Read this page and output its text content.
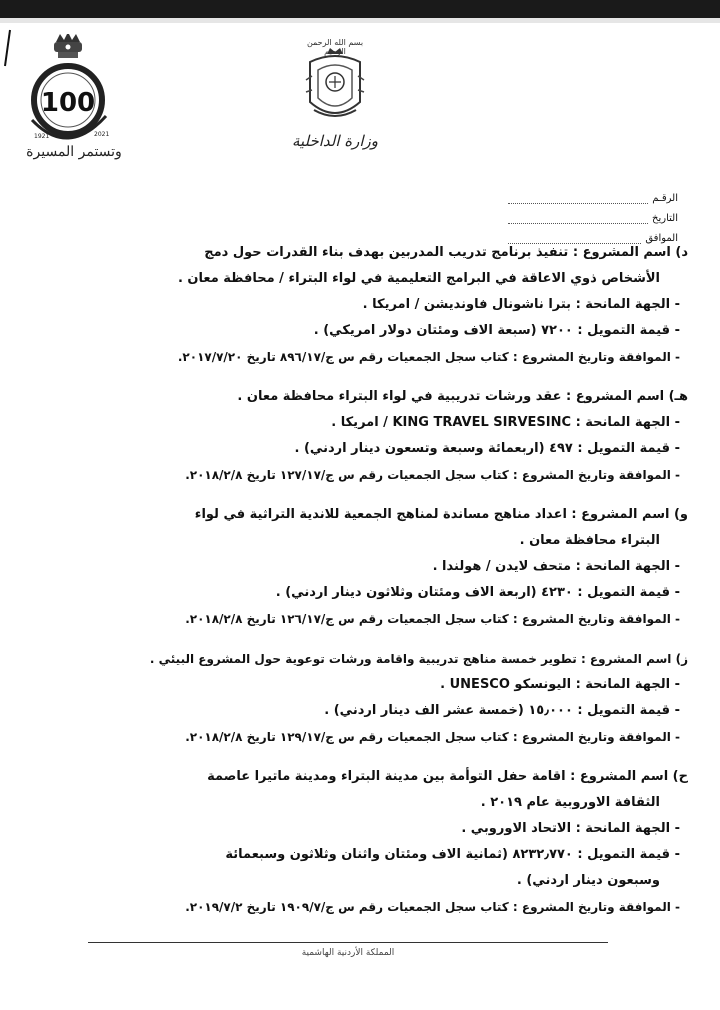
100
1921	2021
وتستمر المسيرة
بسم الله الرحمن الرحيم
وزارة الداخلية
الرقـم
التاريخ
الموافق
د) اسم المشروع : تنفيذ برنامج تدريب المدربين بهدف بناء القدرات حول دمج
الأشخاص ذوي الاعاقة في البرامج التعليمية في لواء البتراء / محافظة معان .
- الجهة المانحة : بترا ناشونال فاونديشن / امريكا .
- قيمة التمويل : ٧٢٠٠ (سبعة الاف ومئتان دولار امريكي) .
- الموافقة وتاريخ المشروع : كتاب سجل الجمعيات رقم س ج/٨٩٦/١٧ تاريخ ٢٠١٧/٧/٢٠.
هـ) اسم المشروع : عقد ورشات تدريبية في لواء البتراء محافظة معان .
- الجهة المانحة : KING TRAVEL SIRVESINC / امريكا .
- قيمة التمويل : ٤٩٧ (اربعمائة وسبعة وتسعون دينار اردني) .
- الموافقة وتاريخ المشروع : كتاب سجل الجمعيات رقم س ج/١٢٧/١٧ تاريخ ٢٠١٨/٢/٨.
و) اسم المشروع : اعداد مناهج مساندة لمناهج الجمعية للاندية التراثية في لواء
البتراء محافظة معان .
- الجهة المانحة : متحف لايدن / هولندا .
- قيمة التمويل : ٤٢٣٠ (اربعة الاف ومئتان وثلاثون دينار اردني) .
- الموافقة وتاريخ المشروع : كتاب سجل الجمعيات رقم س ج/١٢٦/١٧ تاريخ ٢٠١٨/٢/٨.
ز) اسم المشروع : تطوير خمسة مناهج تدريبية واقامة ورشات توعوية حول المشروع البيئي .
- الجهة المانحة : اليونسكو UNESCO .
- قيمة التمويل : ١٥٫٠٠٠ (خمسة عشر الف دينار اردني) .
- الموافقة وتاريخ المشروع : كتاب سجل الجمعيات رقم س ج/١٢٩/١٧ تاريخ ٢٠١٨/٢/٨.
ح) اسم المشروع : اقامة حفل التوأمة بين مدينة البتراء ومدينة ماتيرا عاصمة
الثقافة الاوروبية عام ٢٠١٩ .
- الجهة المانحة : الاتحاد الاوروبي .
- قيمة التمويل : ٨٢٣٢٫٧٧٠ (ثمانية الاف ومئتان واثنان وثلاثون وسبعمائة
وسبعون دينار اردني) .
- الموافقة وتاريخ المشروع : كتاب سجل الجمعيات رقم س ج/١٩٠٩/٧ تاريخ ٢٠١٩/٧/٢.
المملكة الأردنية الهاشمية
